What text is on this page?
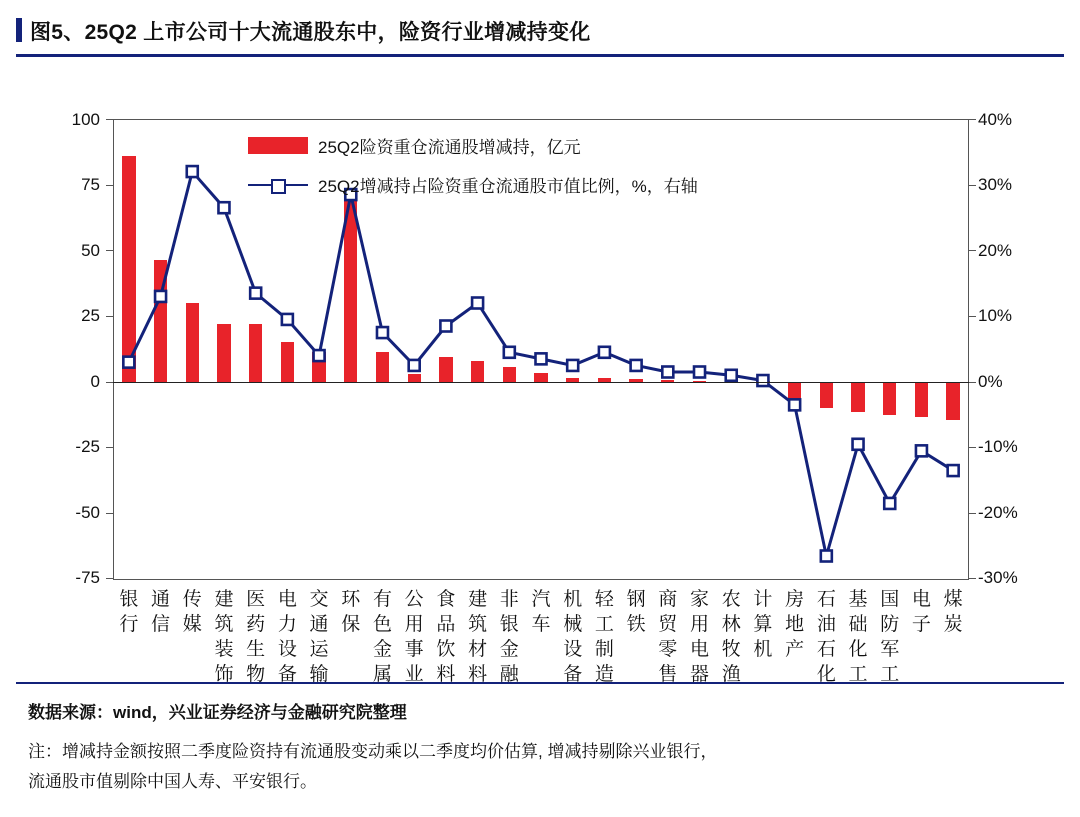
图5、25Q2 上市公司十大流通股东中，险资行业增减持变化
100
75
50
25
0
-25
-50
-75
40%
30%
20%
10%
0%
-10%
-20%
-30%
25Q2险资重仓流通股增减持，亿元
25Q2增减持占险资重仓流通股市值比例，%，右轴
银
行
通
信
传
媒
建
筑
装
饰
医
药
生
物
电
力
设
备
交
通
运
输
环
保
有
色
金
属
公
用
事
业
食
品
饮
料
建
筑
材
料
非
银
金
融
汽
车
机
械
设
备
轻
工
制
造
钢
铁
商
贸
零
售
家
用
电
器
农
林
牧
渔
计
算
机
房
地
产
石
油
石
化
基
础
化
工
国
防
军
工
电
子
煤
炭
数据来源：wind，兴业证券经济与金融研究院整理
注：增减持金额按照二季度险资持有流通股变动乘以二季度均价估算, 增减持剔除兴业银行，
流通股市值剔除中国人寿、平安银行。
